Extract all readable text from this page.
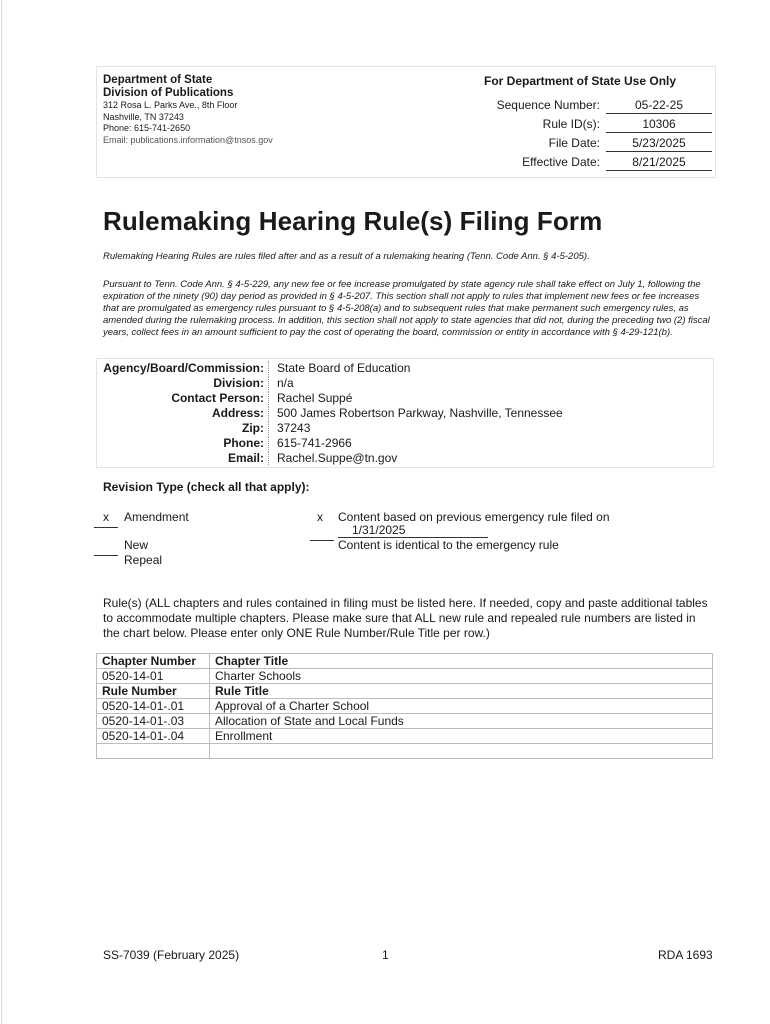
Department of State
Division of Publications
312 Rosa L. Parks Ave., 8th Floor
Nashville, TN 37243
Phone: 615-741-2650
Email: publications.information@tnsos.gov
For Department of State Use Only
Sequence Number:	05-22-25
Rule ID(s):	10306
File Date:	5/23/2025
Effective Date:	8/21/2025
Rulemaking Hearing Rule(s) Filing Form
Rulemaking Hearing Rules are rules filed after and as a result of a rulemaking hearing (Tenn. Code Ann. § 4-5-205).
Pursuant to Tenn. Code Ann. § 4-5-229, any new fee or fee increase promulgated by state agency rule shall take effect on July 1, following the expiration of the ninety (90) day period as provided in § 4-5-207. This section shall not apply to rules that implement new fees or fee increases that are promulgated as emergency rules pursuant to § 4-5-208(a) and to subsequent rules that make permanent such emergency rules, as amended during the rulemaking process. In addition, this section shall not apply to state agencies that did not, during the preceding two (2) fiscal years, collect fees in an amount sufficient to pay the cost of operating the board, commission or entity in accordance with § 4-29-121(b).
Agency/Board/Commission: State Board of Education
Division: n/a
Contact Person: Rachel Suppé
Address: 500 James Robertson Parkway, Nashville, Tennessee
Zip: 37243
Phone: 615-741-2966
Email: Rachel.Suppe@tn.gov
Revision Type (check all that apply):
x	Amendment
New
Repeal
x	Content based on previous emergency rule filed on
1/31/2025
Content is identical to the emergency rule
Rule(s) (ALL chapters and rules contained in filing must be listed here. If needed, copy and paste additional tables to accommodate multiple chapters. Please make sure that ALL new rule and repealed rule numbers are listed in the chart below. Please enter only ONE Rule Number/Rule Title per row.)
Chapter Number	Chapter Title
0520-14-01	Charter Schools
Rule Number	Rule Title
0520-14-01-.01	Approval of a Charter School
0520-14-01-.03	Allocation of State and Local Funds
0520-14-01-.04	Enrollment

SS-7039 (February 2025)	1	RDA 1693
